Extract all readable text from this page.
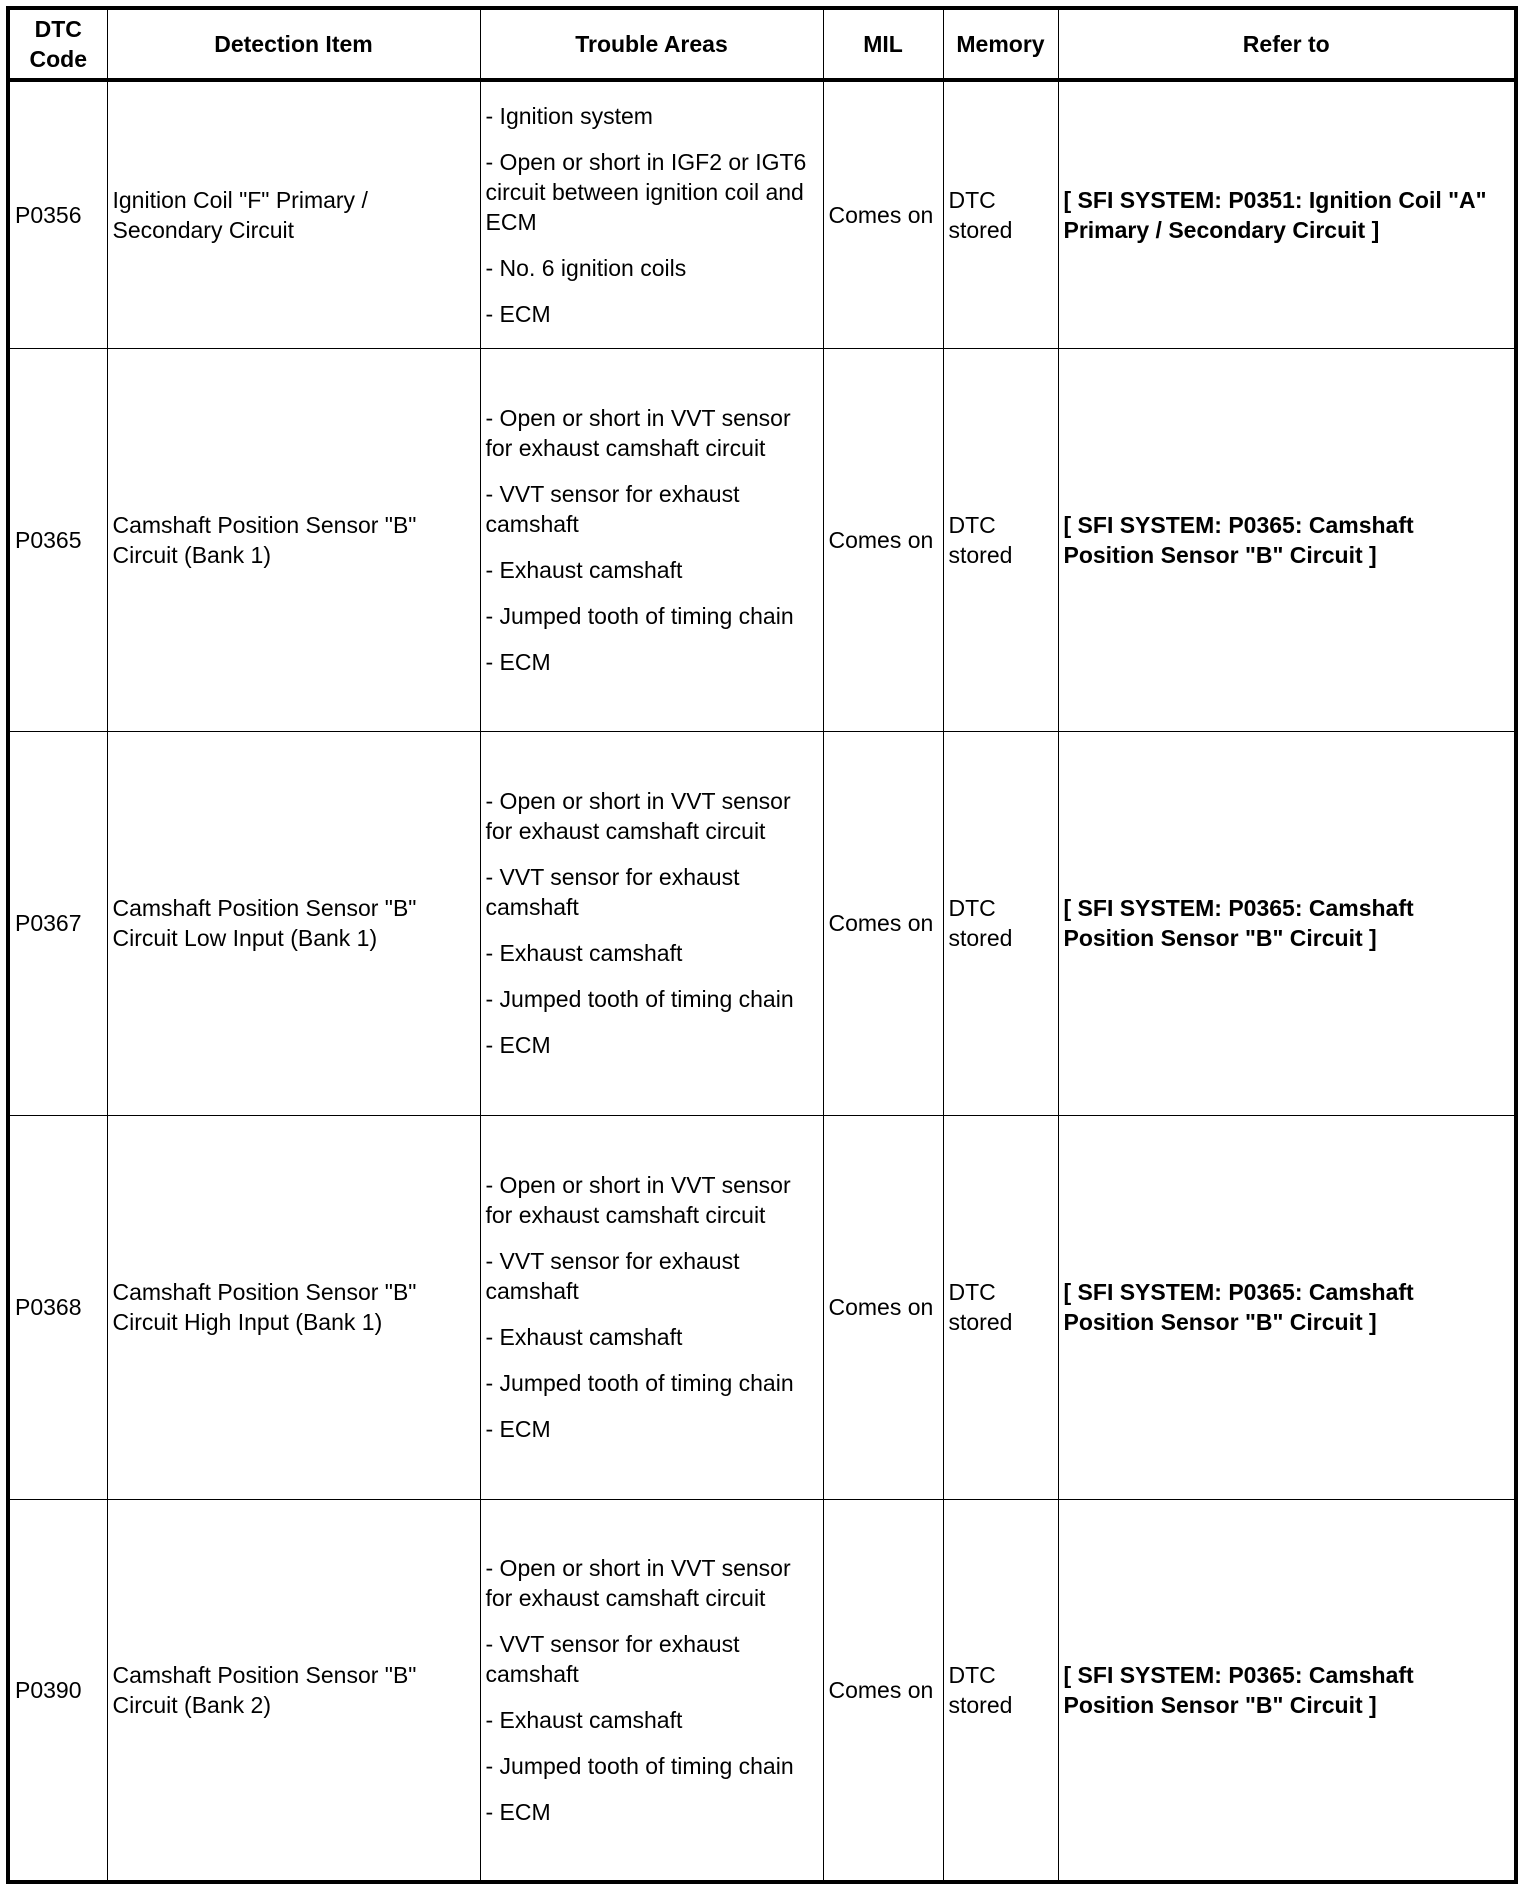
DTC Code	Detection Item	Trouble Areas	MIL	Memory	Refer to
P0356	Ignition Coil "F" Primary / Secondary Circuit	- Ignition system

- Open or short in IGF2 or IGT6 circuit between ignition coil and ECM

- No. 6 ignition coils

- ECM	Comes on	DTC stored	[ SFI SYSTEM: P0351: Ignition Coil "A" Primary / Secondary Circuit ]
P0365	Camshaft Position Sensor "B" Circuit (Bank 1)	- Open or short in VVT sensor for exhaust camshaft circuit

- VVT sensor for exhaust camshaft

- Exhaust camshaft

- Jumped tooth of timing chain

- ECM	Comes on	DTC stored	[ SFI SYSTEM: P0365: Camshaft Position Sensor "B" Circuit ]
P0367	Camshaft Position Sensor "B" Circuit Low Input (Bank 1)	- Open or short in VVT sensor for exhaust camshaft circuit

- VVT sensor for exhaust camshaft

- Exhaust camshaft

- Jumped tooth of timing chain

- ECM	Comes on	DTC stored	[ SFI SYSTEM: P0365: Camshaft Position Sensor "B" Circuit ]
P0368	Camshaft Position Sensor "B" Circuit High Input (Bank 1)	- Open or short in VVT sensor for exhaust camshaft circuit

- VVT sensor for exhaust camshaft

- Exhaust camshaft

- Jumped tooth of timing chain

- ECM	Comes on	DTC stored	[ SFI SYSTEM: P0365: Camshaft Position Sensor "B" Circuit ]
P0390	Camshaft Position Sensor "B" Circuit (Bank 2)	- Open or short in VVT sensor for exhaust camshaft circuit

- VVT sensor for exhaust camshaft

- Exhaust camshaft

- Jumped tooth of timing chain

- ECM	Comes on	DTC stored	[ SFI SYSTEM: P0365: Camshaft Position Sensor "B" Circuit ]
